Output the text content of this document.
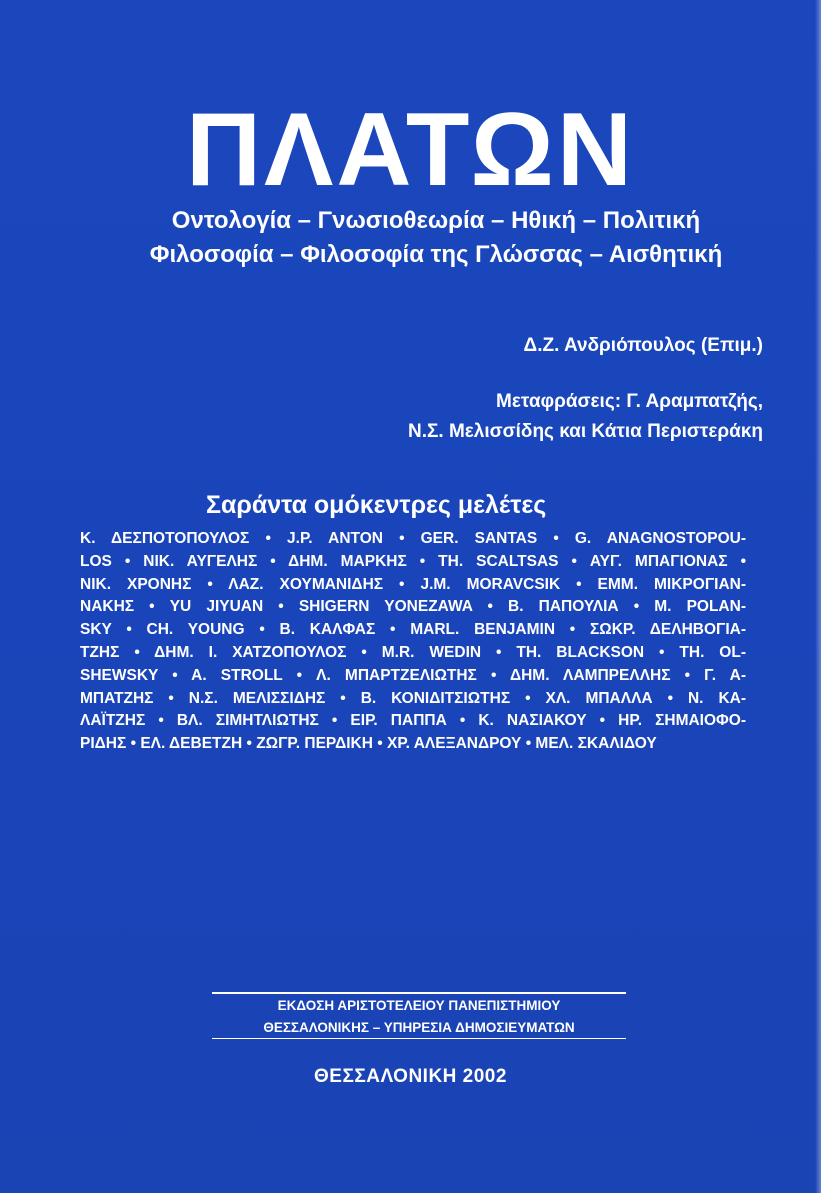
ΠΛΑΤΩΝ
Οντολογία – Γνωσιοθεωρία – Ηθική – Πολιτική
Φιλοσοφία – Φιλοσοφία της Γλώσσας – Αισθητική
Δ.Ζ. Ανδριόπουλος (Επιμ.)
Μεταφράσεις: Γ. Αραμπατζής,
Ν.Σ. Μελισσίδης και Κάτια Περιστεράκη
Σαράντα ομόκεντρες μελέτες
Κ. ΔΕΣΠΟΤΟΠΟΥΛΟΣ • J.P. ANTON • GER. SANTAS • G. ANAGNOSTOPOU-
LOS • ΝΙΚ. ΑΥΓΕΛΗΣ • ΔΗΜ. ΜΑΡΚΗΣ • TH. SCALTSAS • ΑΥΓ. ΜΠΑΓΙΟΝΑΣ •
ΝΙΚ. ΧΡΟΝΗΣ • ΛΑΖ. ΧΟΥΜΑΝΙΔΗΣ • J.M. MORAVCSIK • ΕΜΜ. ΜΙΚΡΟΓΙΑΝ-
ΝΑΚΗΣ • YU JIYUAN • SHIGERN YONEZAWA • Β. ΠΑΠΟΥΛΙΑ • M. POLAN-
SKY • CH. YOUNG • Β. ΚΑΛΦΑΣ • MARL. BENJAMIN • ΣΩΚΡ. ΔΕΛΗΒΟΓΙΑ-
ΤΖΗΣ • ΔΗΜ. Ι. ΧΑΤΖΟΠΟΥΛΟΣ • M.R. WEDIN • TH. BLACKSON • TH. OL-
SHEWSKY • A. STROLL • Λ. ΜΠΑΡΤΖΕΛΙΩΤΗΣ • ΔΗΜ. ΛΑΜΠΡΕΛΛΗΣ • Γ. Α-
ΜΠΑΤΖΗΣ • Ν.Σ. ΜΕΛΙΣΣΙΔΗΣ • Β. ΚΟΝΙΔΙΤΣΙΩΤΗΣ • ΧΛ. ΜΠΑΛΛΑ • Ν. ΚΑ-
ΛΑΪΤΖΗΣ • ΒΛ. ΣΙΜΗΤΛΙΩΤΗΣ • ΕΙΡ. ΠΑΠΠΑ • Κ. ΝΑΣΙΑΚΟΥ • ΗΡ. ΣΗΜΑΙΟΦΟ-
ΡΙΔΗΣ • ΕΛ. ΔΕΒΕΤΖΗ • ΖΩΓΡ. ΠΕΡΔΙΚΗ • ΧΡ. ΑΛΕΞΑΝΔΡΟΥ • ΜΕΛ. ΣΚΑΛΙΔΟΥ
ΕΚΔΟΣΗ ΑΡΙΣΤΟΤΕΛΕΙΟΥ ΠΑΝΕΠΙΣΤΗΜΙΟΥ
ΘΕΣΣΑΛΟΝΙΚΗΣ – ΥΠΗΡΕΣΙΑ ΔΗΜΟΣΙΕΥΜΑΤΩΝ
ΘΕΣΣΑΛΟΝΙΚΗ 2002
